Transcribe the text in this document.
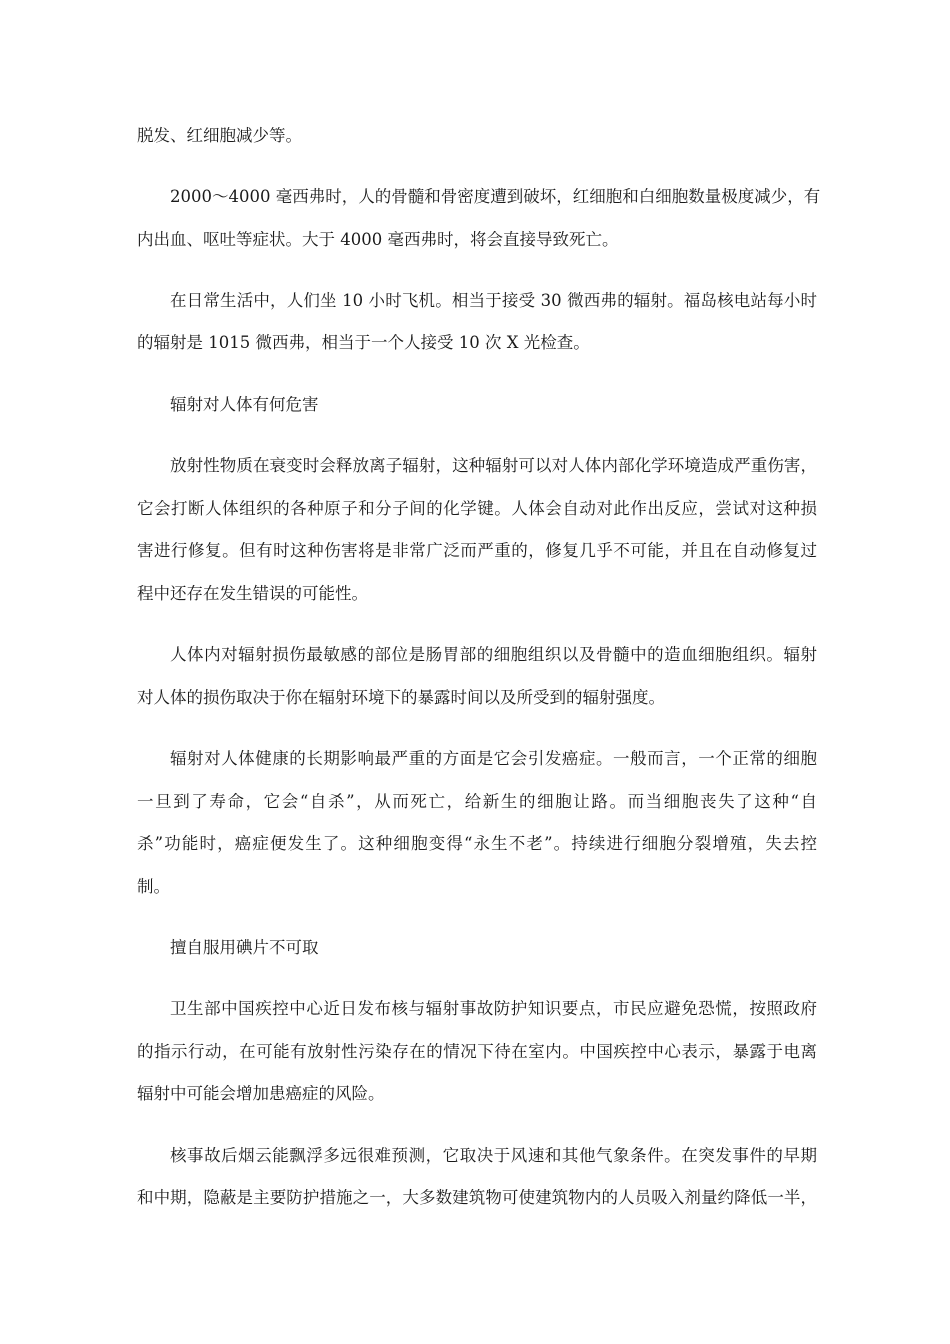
脱发、红细胞减少等。
2000～4000 毫西弗时，人的骨髓和骨密度遭到破坏，红细胞和白细胞数量极度减少，有
内出血、呕吐等症状。大于 4000 毫西弗时，将会直接导致死亡。
在日常生活中，人们坐 10 小时飞机。相当于接受 30 微西弗的辐射。福岛核电站每小时
的辐射是 1015 微西弗，相当于一个人接受 10 次 X 光检查。
辐射对人体有何危害
放射性物质在衰变时会释放离子辐射，这种辐射可以对人体内部化学环境造成严重伤害，
它会打断人体组织的各种原子和分子间的化学键。人体会自动对此作出反应，尝试对这种损
害进行修复。但有时这种伤害将是非常广泛而严重的，修复几乎不可能，并且在自动修复过
程中还存在发生错误的可能性。
人体内对辐射损伤最敏感的部位是肠胃部的细胞组织以及骨髓中的造血细胞组织。辐射
对人体的损伤取决于你在辐射环境下的暴露时间以及所受到的辐射强度。
辐射对人体健康的长期影响最严重的方面是它会引发癌症。一般而言，一个正常的细胞
一旦到了寿命，它会“自杀”，从而死亡，给新生的细胞让路。而当细胞丧失了这种“自
杀”功能时，癌症便发生了。这种细胞变得“永生不老”。持续进行细胞分裂增殖，失去控
制。
擅自服用碘片不可取
卫生部中国疾控中心近日发布核与辐射事故防护知识要点，市民应避免恐慌，按照政府
的指示行动，在可能有放射性污染存在的情况下待在室内。中国疾控中心表示，暴露于电离
辐射中可能会增加患癌症的风险。
核事故后烟云能飘浮多远很难预测，它取决于风速和其他气象条件。在突发事件的早期
和中期，隐蔽是主要防护措施之一，大多数建筑物可使建筑物内的人员吸入剂量约降低一半，
